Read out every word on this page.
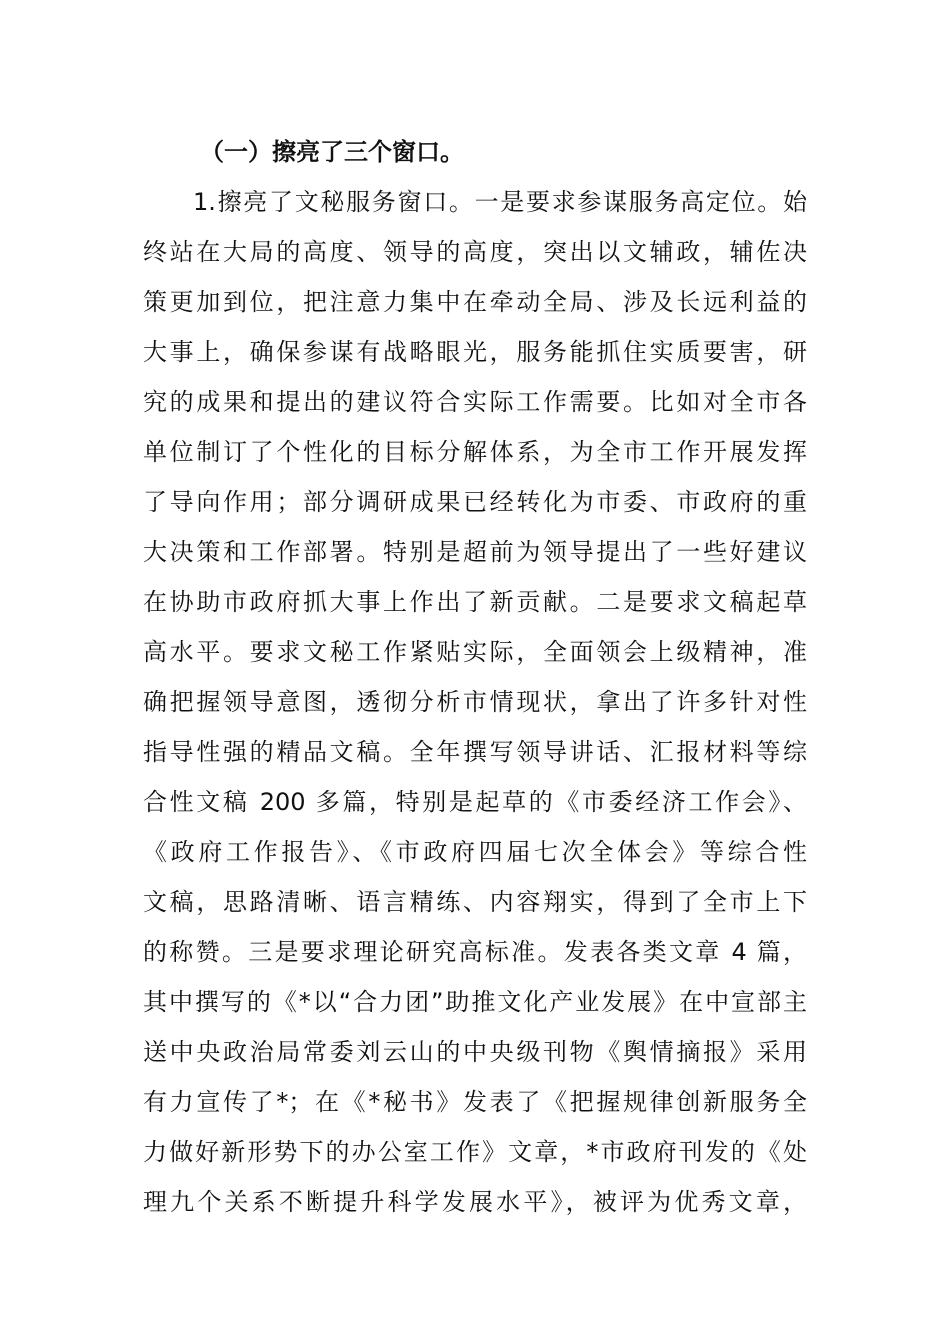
（一）擦亮了三个窗口。
1.擦亮了文秘服务窗口。一是要求参谋服务高定位。始
终站在大局的高度、领导的高度，突出以文辅政，辅佐决
策更加到位，把注意力集中在牵动全局、涉及长远利益的
大事上，确保参谋有战略眼光，服务能抓住实质要害，研
究的成果和提出的建议符合实际工作需要。比如对全市各
单位制订了个性化的目标分解体系，为全市工作开展发挥
了导向作用；部分调研成果已经转化为市委、市政府的重
大决策和工作部署。特别是超前为领导提出了一些好建议
在协助市政府抓大事上作出了新贡献。二是要求文稿起草
高水平。要求文秘工作紧贴实际，全面领会上级精神，准
确把握领导意图，透彻分析市情现状，拿出了许多针对性
指导性强的精品文稿。全年撰写领导讲话、汇报材料等综
合性文稿 200 多篇，特别是起草的《市委经济工作会》、
《政府工作报告》、《市政府四届七次全体会》等综合性
文稿，思路清晰、语言精练、内容翔实，得到了全市上下
的称赞。三是要求理论研究高标准。发表各类文章 4 篇，
其中撰写的《*以“合力团”助推文化产业发展》在中宣部主
送中央政治局常委刘云山的中央级刊物《舆情摘报》采用
有力宣传了*；在《*秘书》发表了《把握规律创新服务全
力做好新形势下的办公室工作》文章，*市政府刊发的《处
理九个关系不断提升科学发展水平》，被评为优秀文章，
